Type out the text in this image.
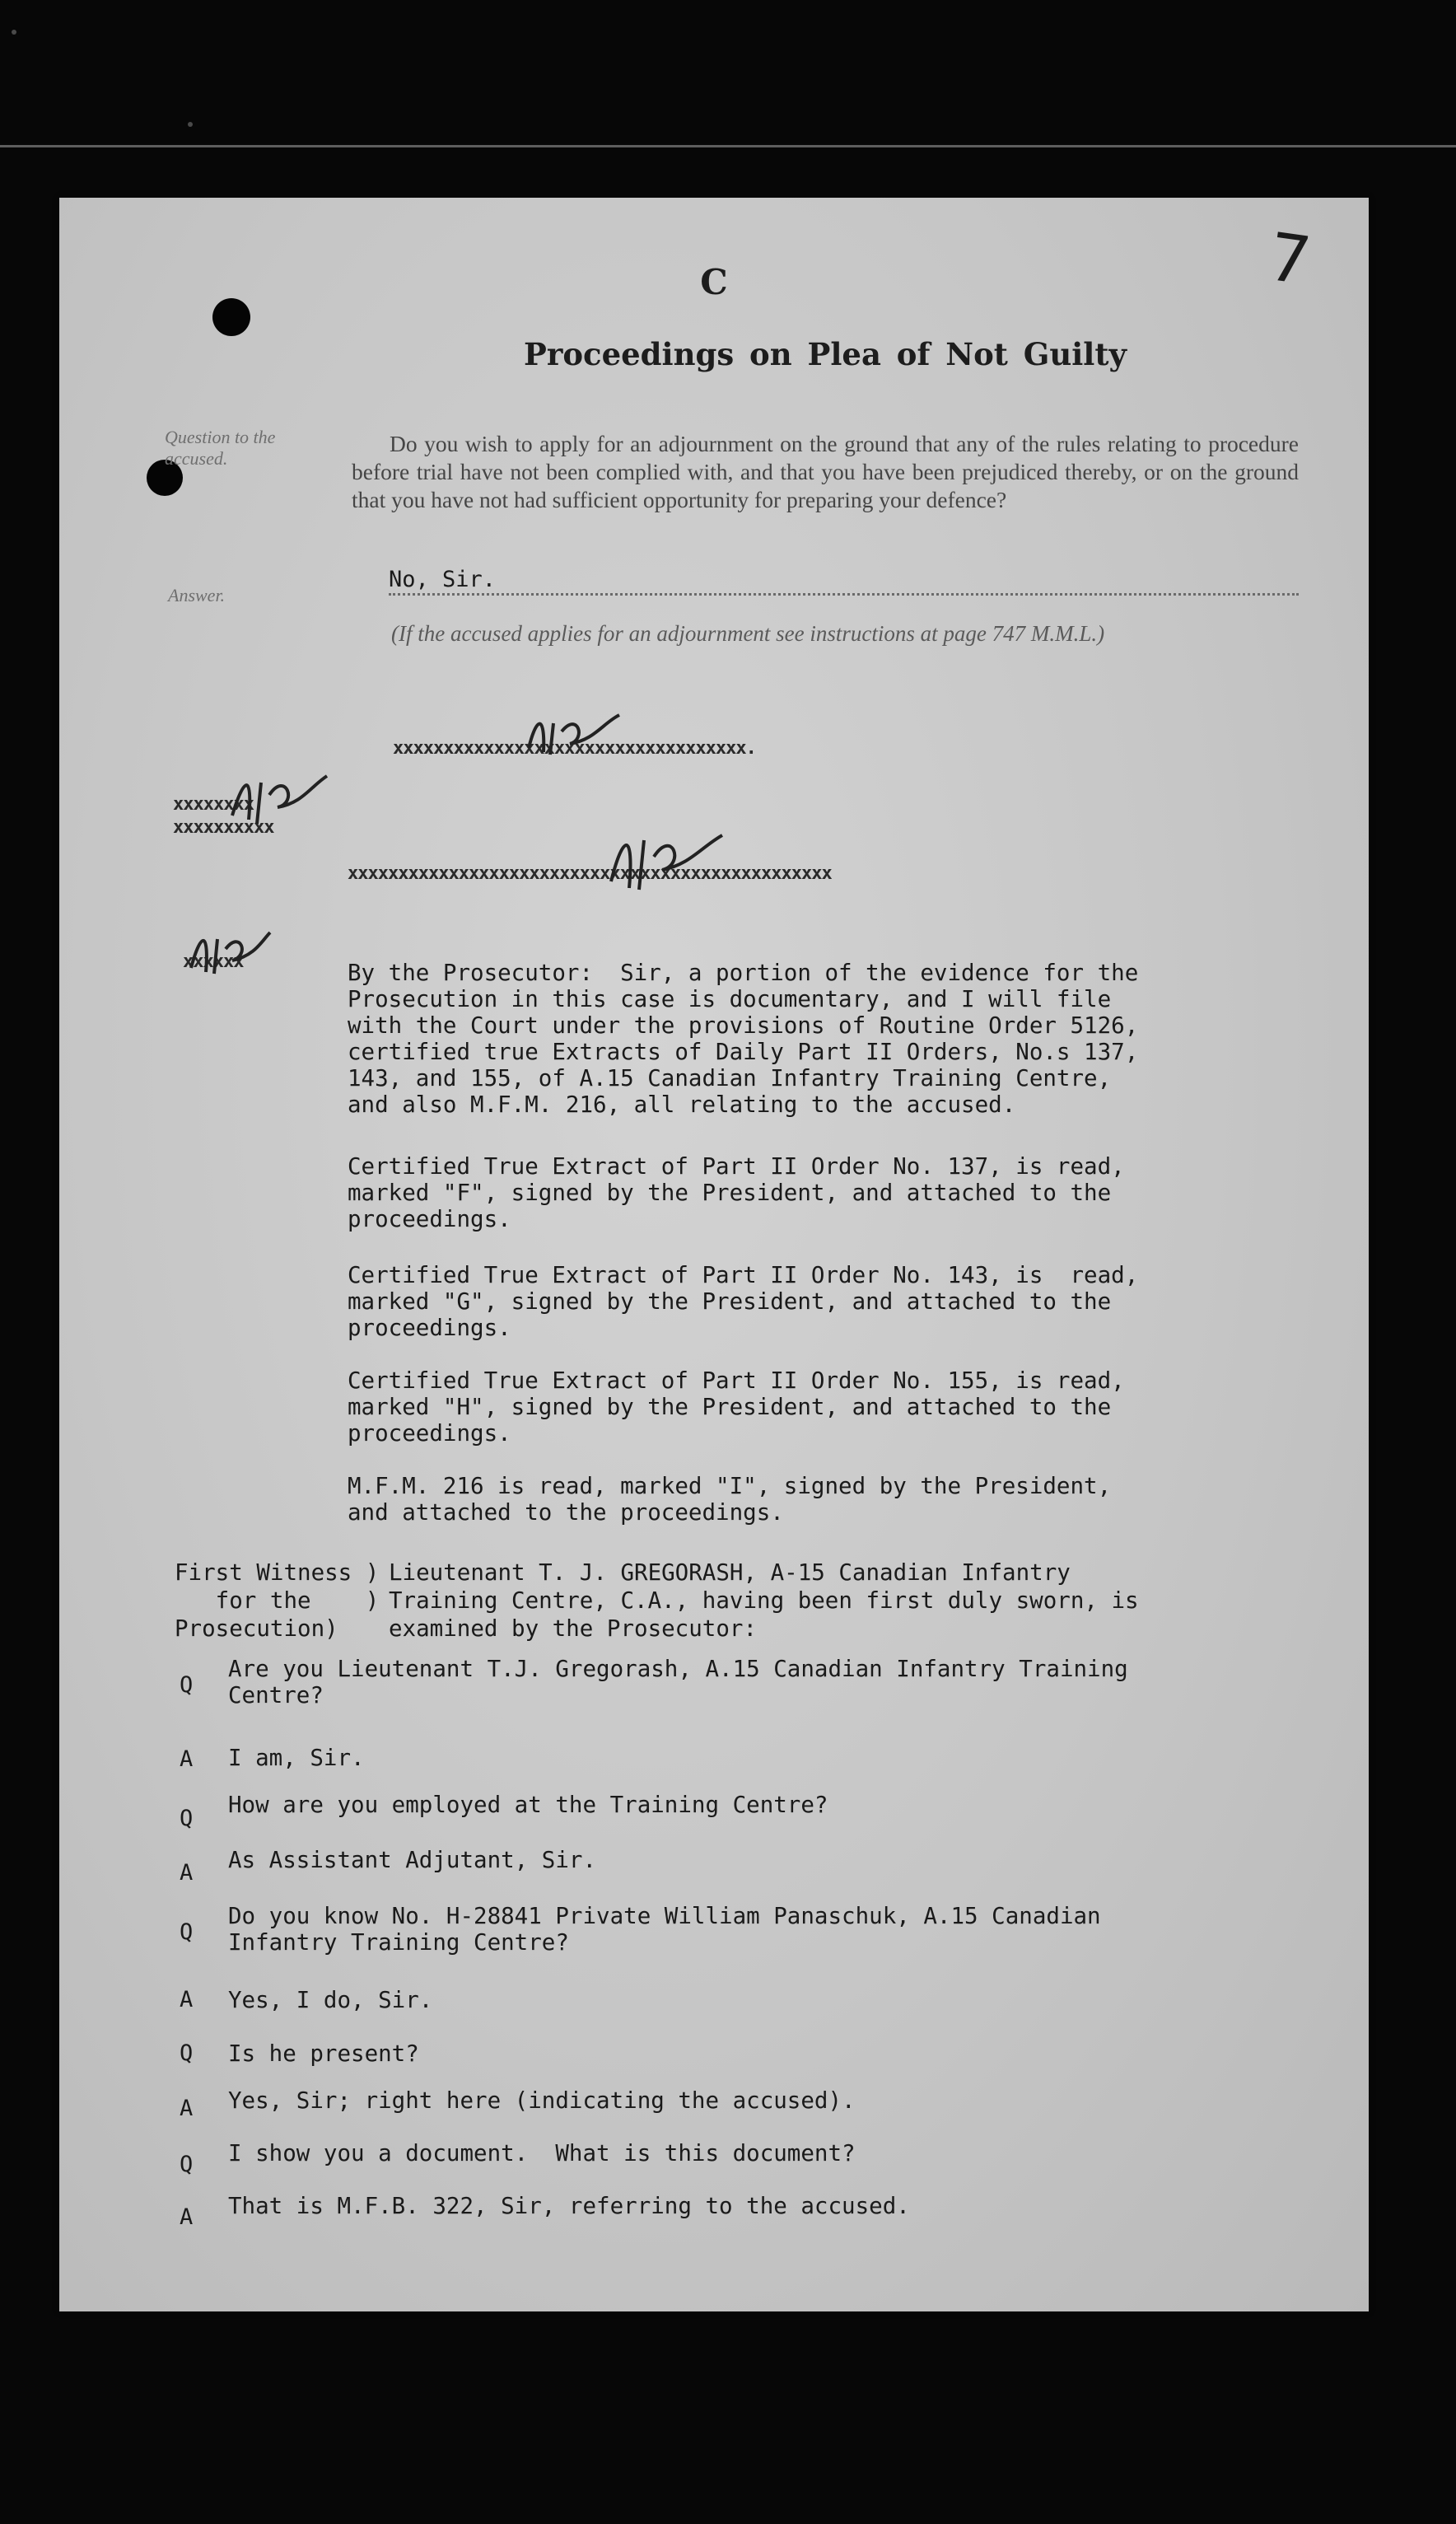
7
C
Proceedings on Plea of Not Guilty
Question to the accused.
Do you wish to apply for an adjournment on the ground that any of the rules relating to procedure before trial have not been complied with, and that you have been prejudiced thereby, or on the ground that you have not had sufficient opportunity for preparing your defence?
Answer.
No, Sir.
(If the accused applies for an adjournment see instructions at page 747 M.M.L.)
xxxxxxxxxxxxxxxxxxxxxxxxxxxxxxxxxxx.
xxxxxxxx
xxxxxxxxxx
xxxxxxxxxxxxxxxxxxxxxxxxxxxxxxxxxxxxxxxxxxxxxxxx
xxxxxx	By the Prosecutor:  Sir, a portion of the evidence for the
Prosecution in this case is documentary, and I will file
with the Court under the provisions of Routine Order 5126,
certified true Extracts of Daily Part II Orders, No.s 137,
143, and 155, of A.15 Canadian Infantry Training Centre,
and also M.F.M. 216, all relating to the accused.
Certified True Extract of Part II Order No. 137, is read,
marked "F", signed by the President, and attached to the
proceedings.
Certified True Extract of Part II Order No. 143, is  read,
marked "G", signed by the President, and attached to the
proceedings.
Certified True Extract of Part II Order No. 155, is read,
marked "H", signed by the President, and attached to the
proceedings.
M.F.M. 216 is read, marked "I", signed by the President,
and attached to the proceedings.
First Witness )
for the    )
Prosecution)
Lieutenant T. J. GREGORASH, A-15 Canadian Infantry
Training Centre, C.A., having been first duly sworn, is
examined by the Prosecutor:
Q
Are you Lieutenant T.J. Gregorash, A.15 Canadian Infantry Training
Centre?
A I am, Sir.
Q
How are you employed at the Training Centre?
A As Assistant Adjutant, Sir.
Q
Do you know No. H-28841 Private William Panaschuk, A.15 Canadian
Infantry Training Centre?
A Yes, I do, Sir.
Q Is he present?
A Yes, Sir; right here (indicating the accused).
Q I show you a document.  What is this document?
A That is M.F.B. 322, Sir, referring to the accused.
